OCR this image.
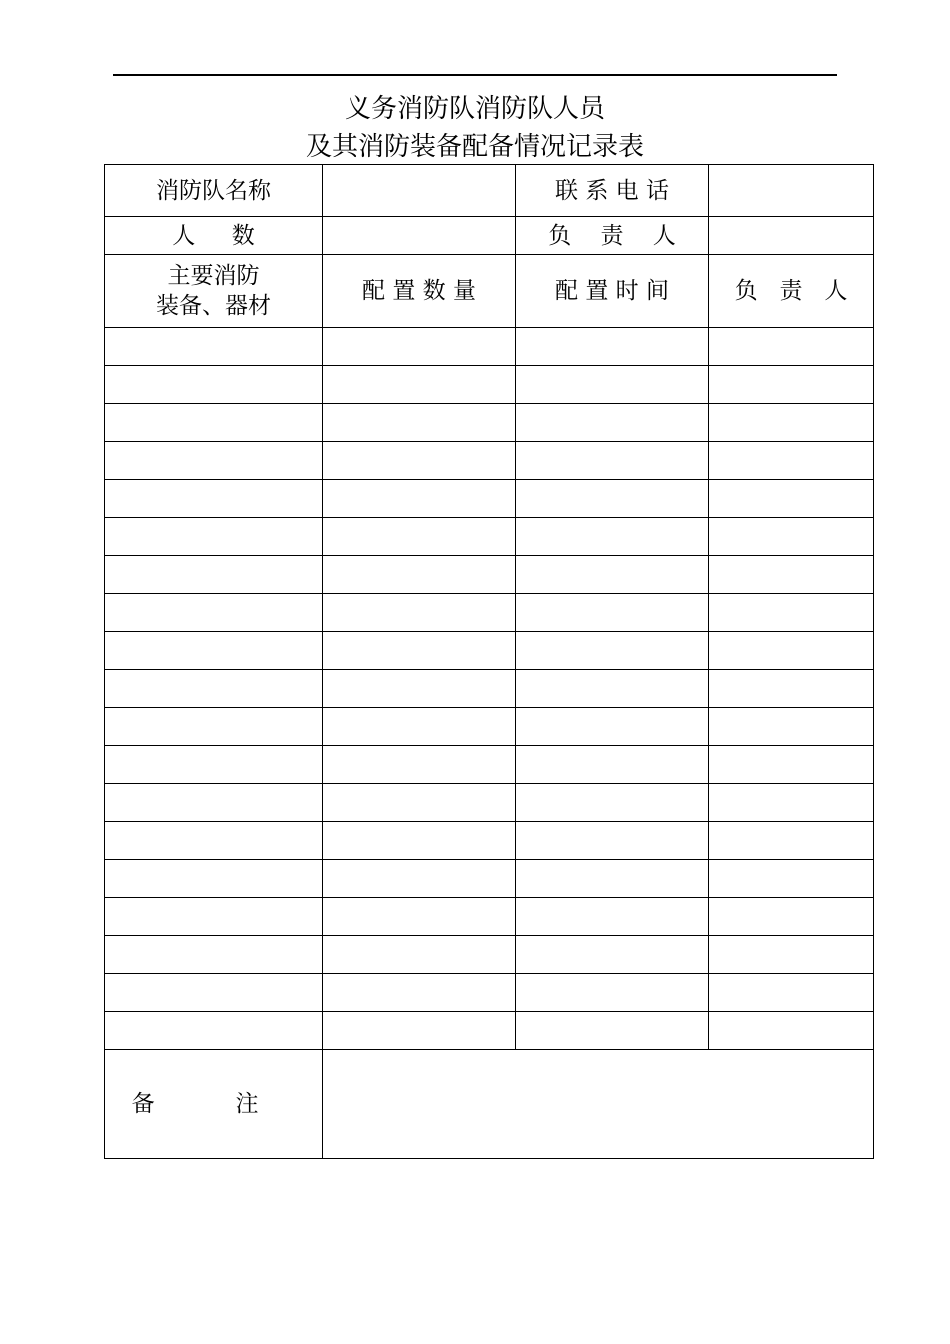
义务消防队消防队人员
及其消防装备配备情况记录表
消防队名称		联 系 电 话	
人     数		负    责    人	

主要消防
装备、器材	配 置 数 量	配 置 时 间	负   责   人

备 注			
